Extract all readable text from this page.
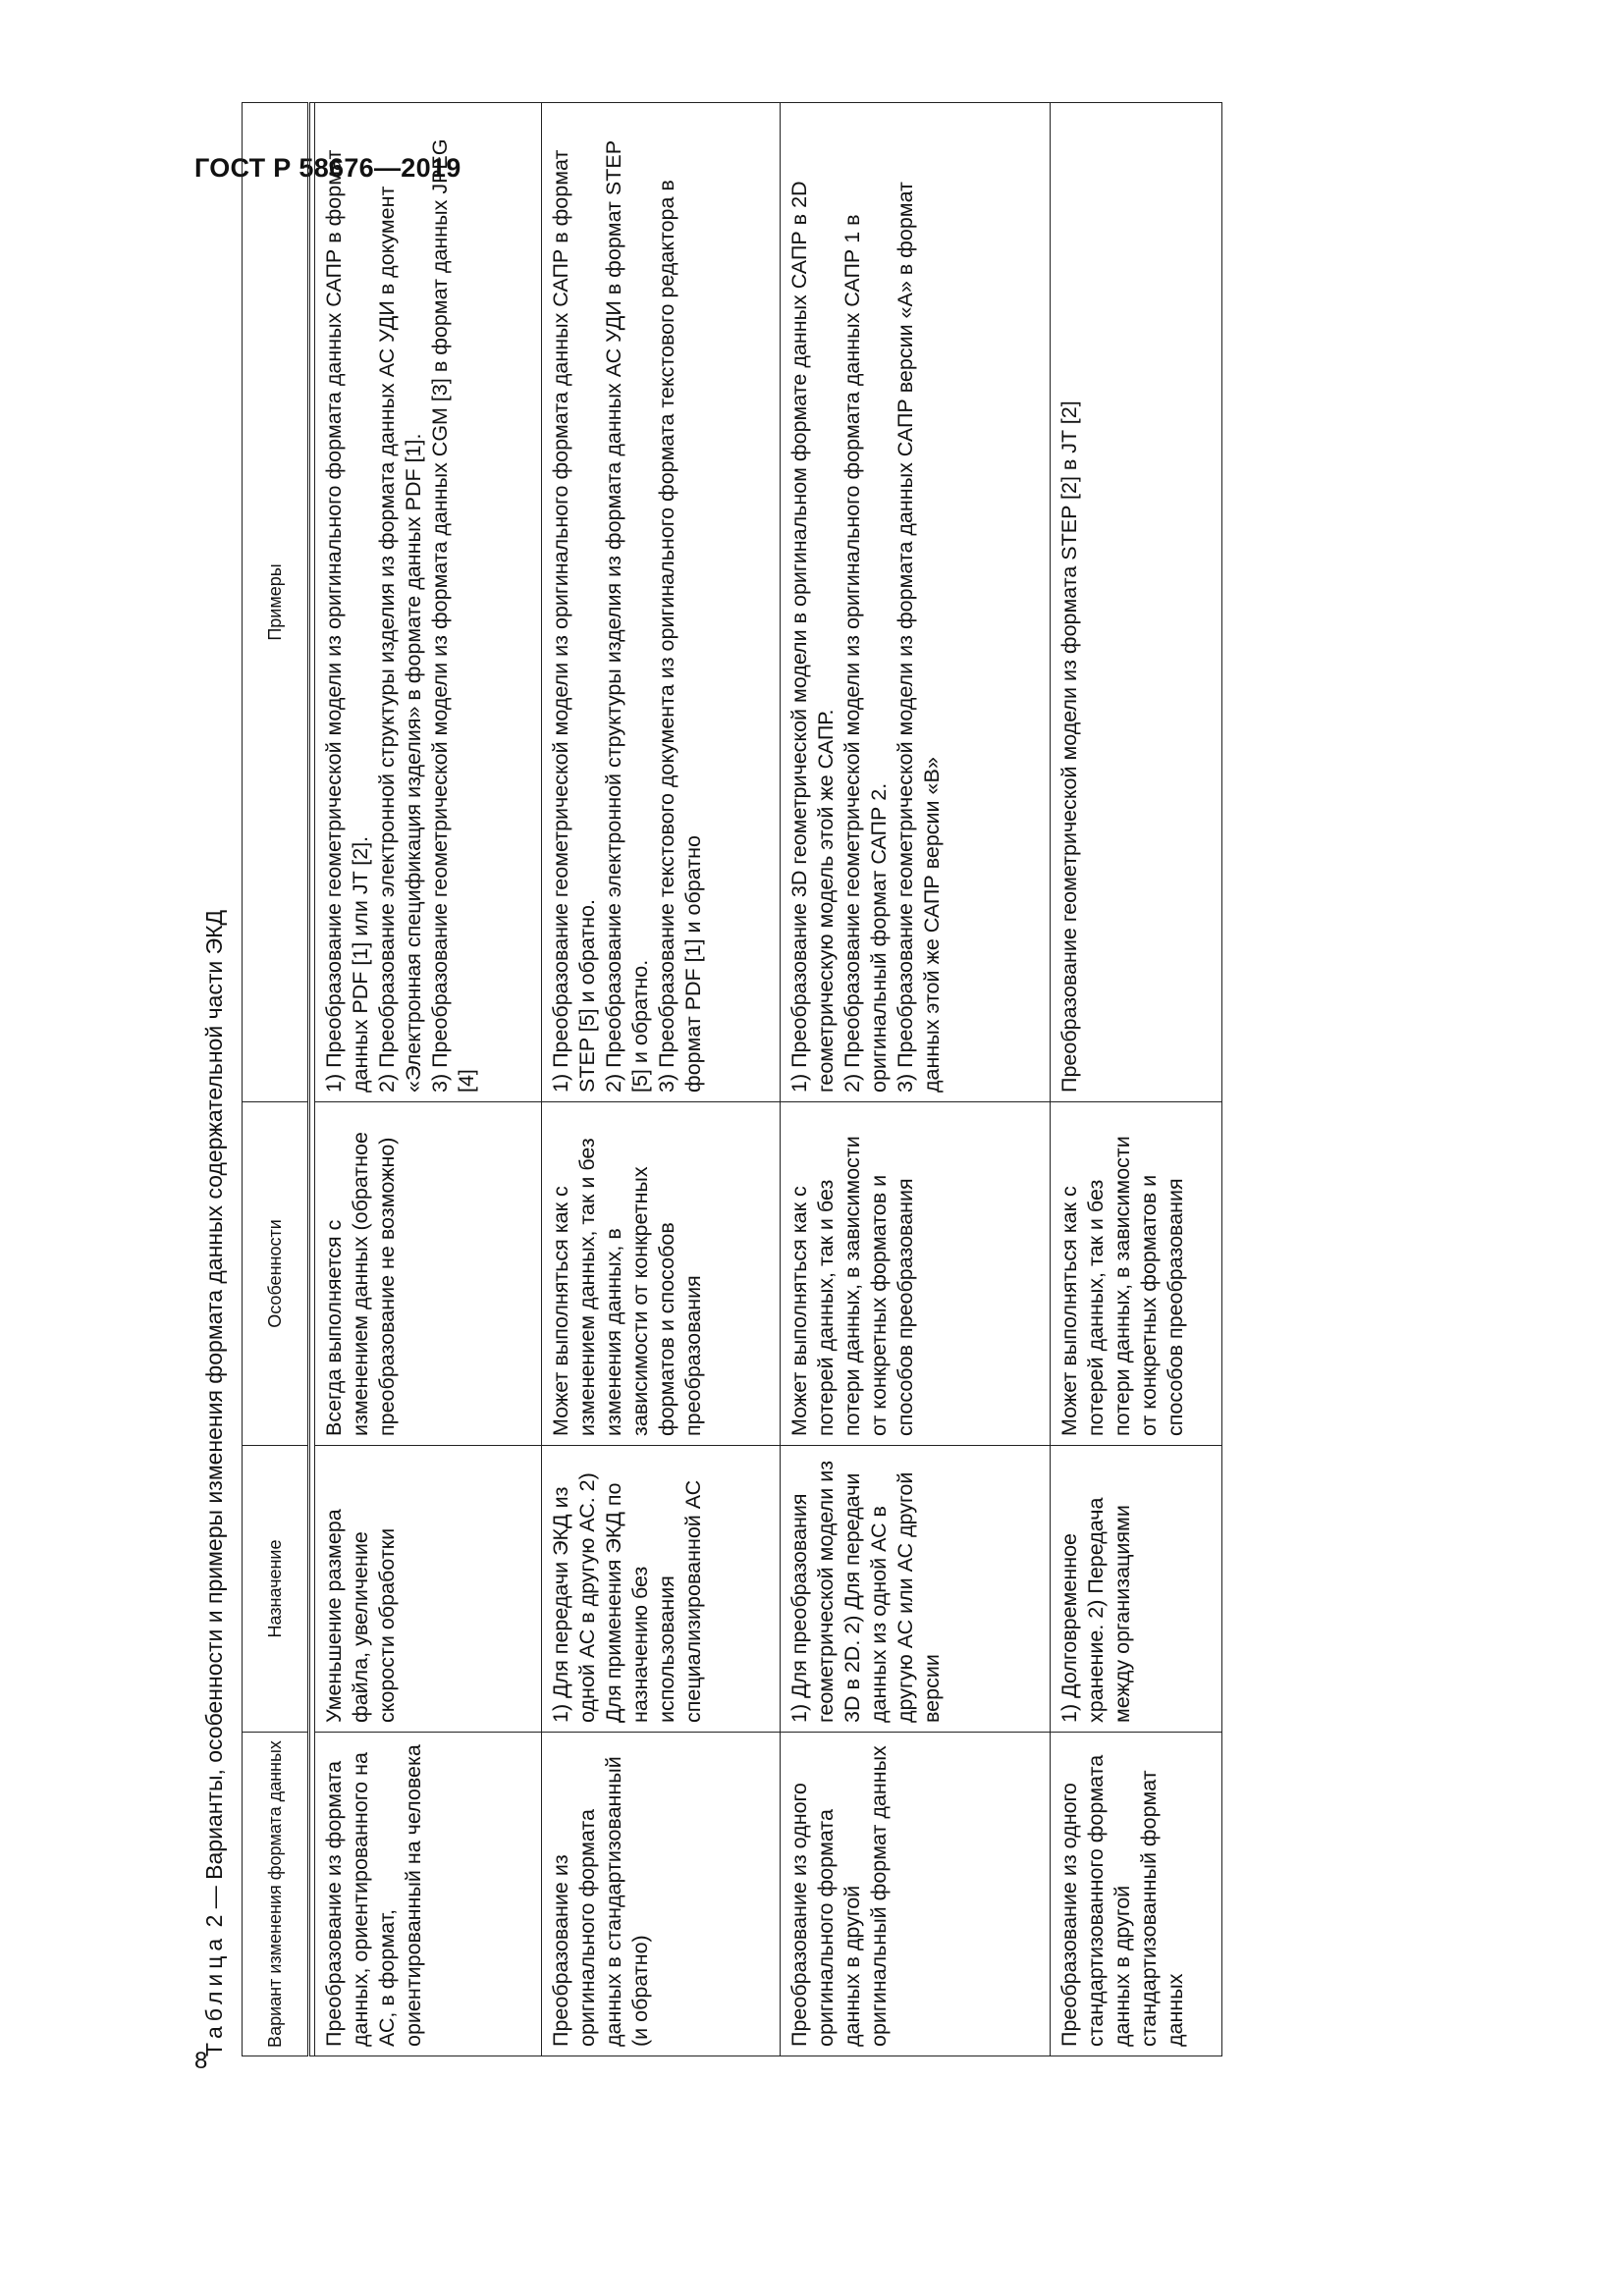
ГОСТ Р 58676—2019
8
Таблица 2 — Варианты, особенности и примеры изменения формата данных содержательной части ЭКД	Вариант изменения формата данных	Назначение	Особенности	Примеры

Преобразование из формата данных, ориентированного на АС, в формат, ориентированный на человека	Уменьшение размера файла, увеличение скорости обработки	Всегда выполняется с изменением данных (обратное преобразование не возможно)	1) Преобразование геометрической модели из оригинального формата данных САПР в формат данных PDF [1] или JT [2]. 2) Преобразование электронной структуры изделия из формата данных АС УДИ в документ «Электронная спецификация изделия» в формате данных PDF [1]. 3) Преобразование геометрической модели из формата данных CGM [3] в формат данных JPEG [4]

Преобразование из оригинального формата данных в стандартизованный (и обратно)	1) Для передачи ЭКД из одной АС в другую АС. 2) Для применения ЭКД по назначению без использования специализированной АС	Может выполняться как с изменением данных, так и без изменения данных, в зависимости от конкретных форматов и способов преобразования	1) Преобразование геометрической модели из оригинального формата данных САПР в формат STEP [5] и обратно. 2) Преобразование электронной структуры изделия из формата данных АС УДИ в формат STEP [5] и обратно. 3) Преобразование текстового документа из оригинального формата текстового редактора в формат PDF [1] и обратно

Преобразование из одного оригинального формата данных в другой оригинальный формат данных	1) Для преобразования геометрической модели из 3D в 2D. 2) Для передачи данных из одной АС в другую АС или АС другой версии	Может выполняться как с потерей данных, так и без потери данных, в зависимости от конкретных форматов и способов преобразования	1) Преобразование 3D геометрической модели в оригинальном формате данных САПР в 2D геометрическую модель этой же САПР. 2) Преобразование геометрической модели из оригинального формата данных САПР 1 в оригинальный формат САПР 2. 3) Преобразование геометрической модели из формата данных САПР версии «А» в формат данных этой же САПР версии «В»

Преобразование из одного стандартизованного формата данных в другой стандартизованный формат данных	1) Долговременное хранение. 2) Передача между организациями	Может выполняться как с потерей данных, так и без потери данных, в зависимости от конкретных форматов и способов преобразования	Преобразование геометрической модели из формата STEP [2] в JT [2]
